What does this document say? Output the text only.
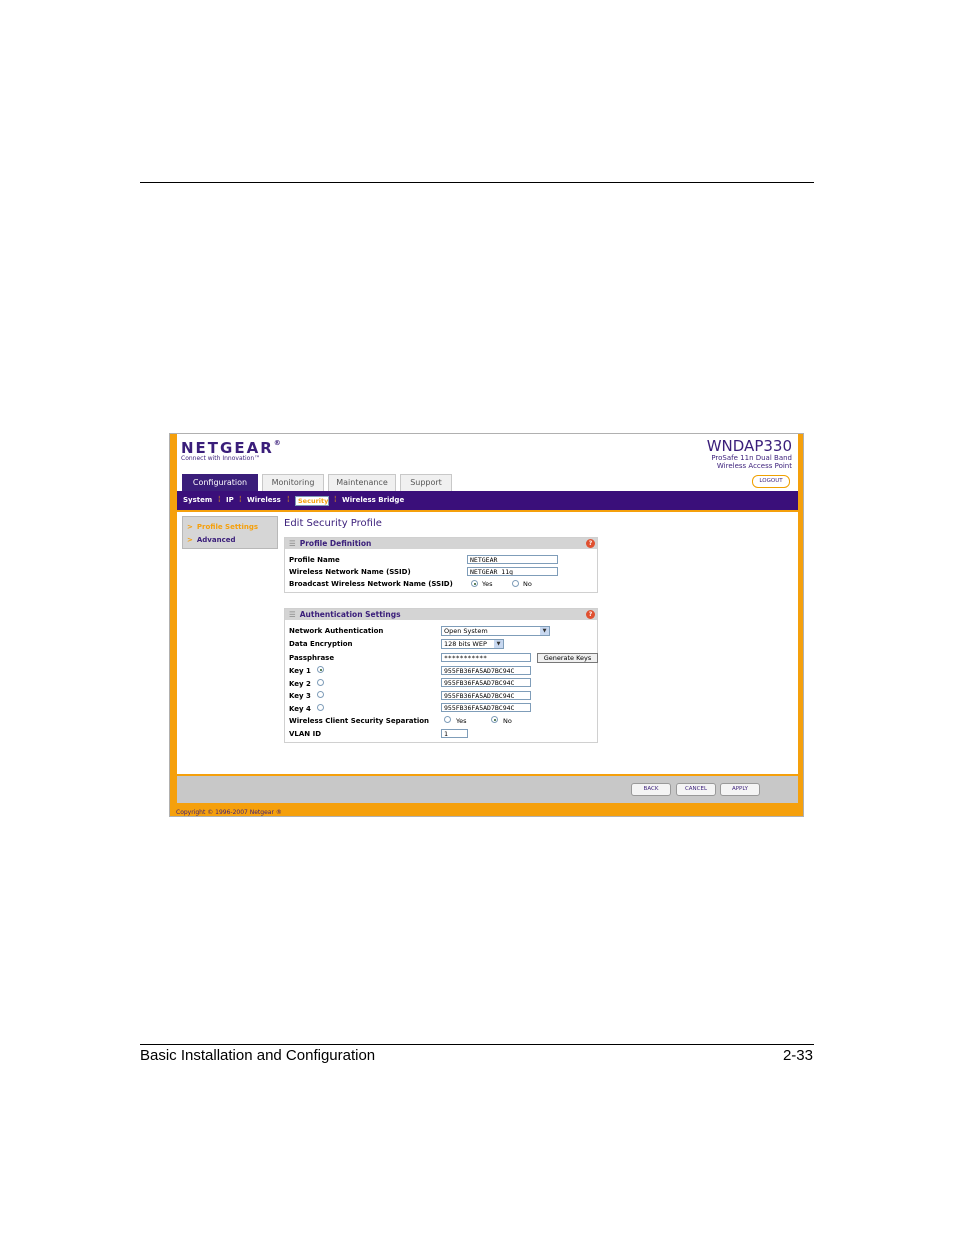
NETGEAR®
Connect with Innovation™
WNDAP330
ProSafe 11n Dual Band
Wireless Access Point
LOGOUT
Configuration	Monitoring	Maintenance	Support
System ¦ IP ¦ Wireless ¦	Security ¦ Wireless Bridge
> Profile Settings
> Advanced
Edit Security Profile
☰ Profile Definition	?
Profile Name	NETGEAR
Wireless Network Name (SSID)	NETGEAR_11g
Broadcast Wireless Network Name (SSID)	Yes	No
☰ Authentication Settings	?
Network Authentication	Open System	▼
Data Encryption	128 bits WEP	▼
Passphrase	***********	Generate Keys
Key 1	955FB36FA5AD7BC94C
Key 2	955FB36FA5AD7BC94C
Key 3	955FB36FA5AD7BC94C
Key 4	955FB36FA5AD7BC94C
Wireless Client Security Separation	Yes	No
VLAN ID	1
BACK	CANCEL	APPLY
Copyright © 1996-2007 Netgear ®
Basic Installation and Configuration	2-33
